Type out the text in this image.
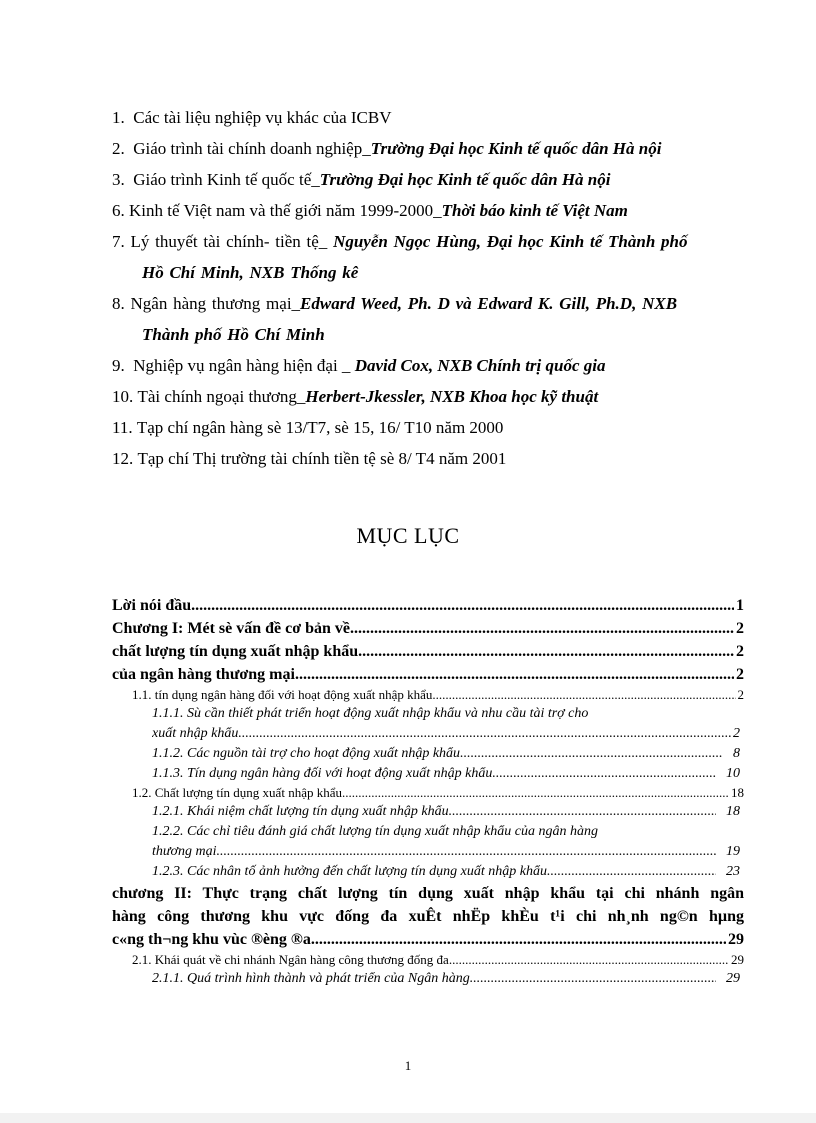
1. Các tài liệu nghiệp vụ khác của ICBV
2. Giáo trình tài chính doanh nghiệp_Trường Đại học Kinh tế quốc dân Hà nội
3. Giáo trình Kinh tế quốc tế_Trường Đại học Kinh tế quốc dân Hà nội
6. Kinh tế Việt nam và thế giới năm 1999-2000_Thời báo kinh tế Việt Nam
7. Lý thuyết tài chính- tiền tệ_ Nguyễn Ngọc Hùng, Đại học Kinh tế Thành phố
Hồ Chí Minh, NXB Thống kê
8. Ngân hàng thương mại_Edward Weed, Ph. D và Edward K. Gill, Ph.D, NXB
Thành phố Hồ Chí Minh
9. Nghiệp vụ ngân hàng hiện đại _ David Cox, NXB Chính trị quốc gia
10. Tài chính ngoại thương_Herbert-Jkessler, NXB Khoa học kỹ thuật
11. Tạp chí ngân hàng sè 13/T7, sè 15, 16/ T10 năm 2000
12. Tạp chí Thị trường tài chính tiền tệ sè 8/ T4 năm 2001
MỤC LỤC
Lời nói đầu .....	1
Chương I: Mét sè vấn đề cơ bản về .....	2
chất lượng tín dụng xuất nhập khẩu .....	2
của ngân hàng thương mại .....	2
1.1. tín dụng ngân hàng đối với hoạt động xuất nhập khẩu .....	2
1.1.1. Sù cần thiết phát triển hoạt động xuất nhập khẩu và nhu cầu tài trợ cho
xuất nhập khẩu .....	2
1.1.2. Các nguồn tài trợ cho hoạt động xuất nhập khẩu .....	8
1.1.3. Tín dụng ngân hàng đối với hoạt động xuất nhập khẩu .....	10
1.2. Chất lượng tín dụng xuất nhập khẩu .....	18
1.2.1. Khái niệm chất lượng tín dụng xuất nhập khẩu .....	18
1.2.2. Các chỉ tiêu đánh giá chất lượng tín dụng xuất nhập khẩu của ngân hàng
thương mại .....	19
1.2.3. Các nhân tố ảnh hưởng đến chất lượng tín dụng xuất nhập khẩu .....	23
chương II: Thực trạng chất lượng tín dụng xuất nhập khẩu tại chi nhánh ngân
hàng công thương khu vực đống đa xuÊt nhËp khÈu t¹i chi nh¸nh ng©n hµng
c«ng th¬ng khu vùc ®èng ®a .....	29
2.1. Khái quát về chi nhánh Ngân hàng công thương đống đa .....	29
2.1.1. Quá trình hình thành và phát triển của Ngân hàng. .....	29
1
